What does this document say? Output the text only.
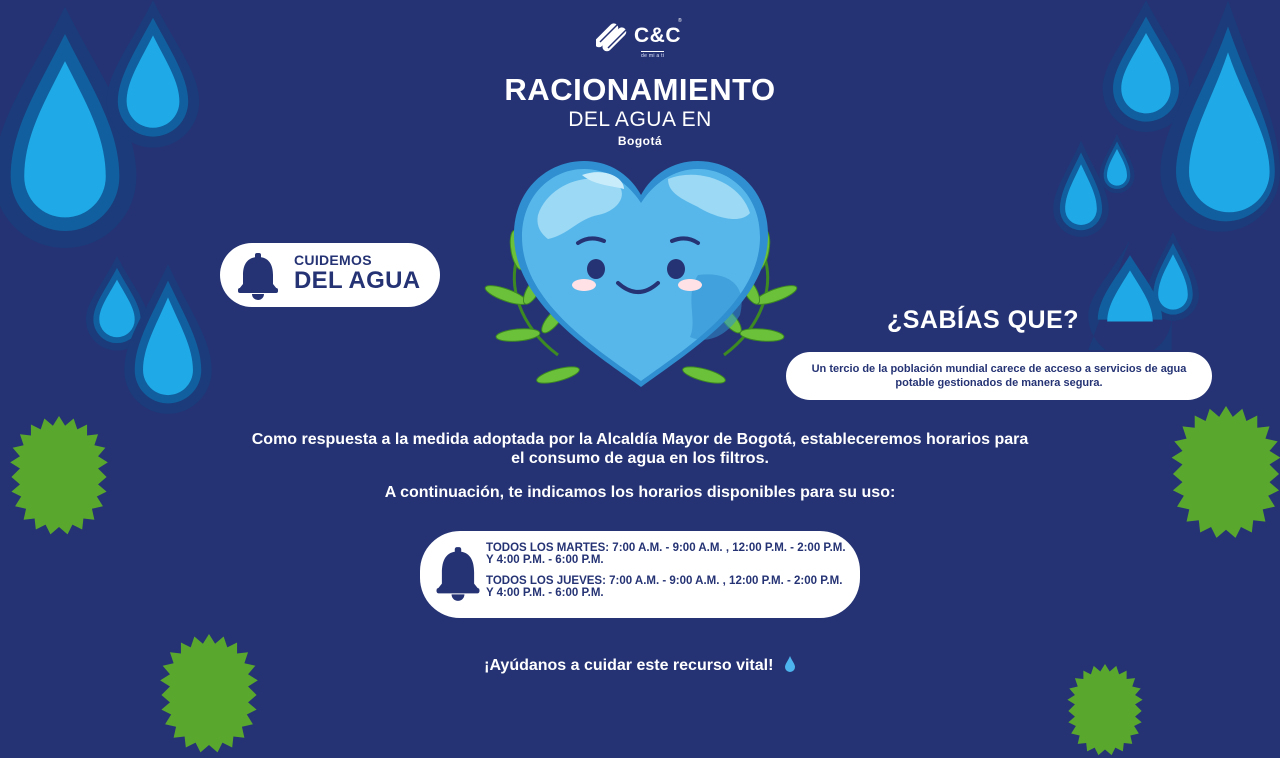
C&C
de mi a ti
®
RACIONAMIENTO
DEL AGUA EN
Bogotá
CUIDEMOS
DEL AGUA
¿SABÍAS QUE?
Un tercio de la población mundial carece de acceso a servicios de agua potable gestionados de manera segura.
Como respuesta a la medida adoptada por la Alcaldía Mayor de Bogotá, estableceremos horarios para el consumo de agua en los filtros.
A continuación, te indicamos los horarios disponibles para su uso:
TODOS LOS MARTES: 7:00 A.M. - 9:00 A.M. , 12:00 P.M. - 2:00 P.M. Y 4:00 P.M. - 6:00 P.M.
TODOS LOS JUEVES: 7:00 A.M. - 9:00 A.M. , 12:00 P.M. - 2:00 P.M. Y 4:00 P.M. - 6:00 P.M.
¡Ayúdanos a cuidar este recurso vital!
